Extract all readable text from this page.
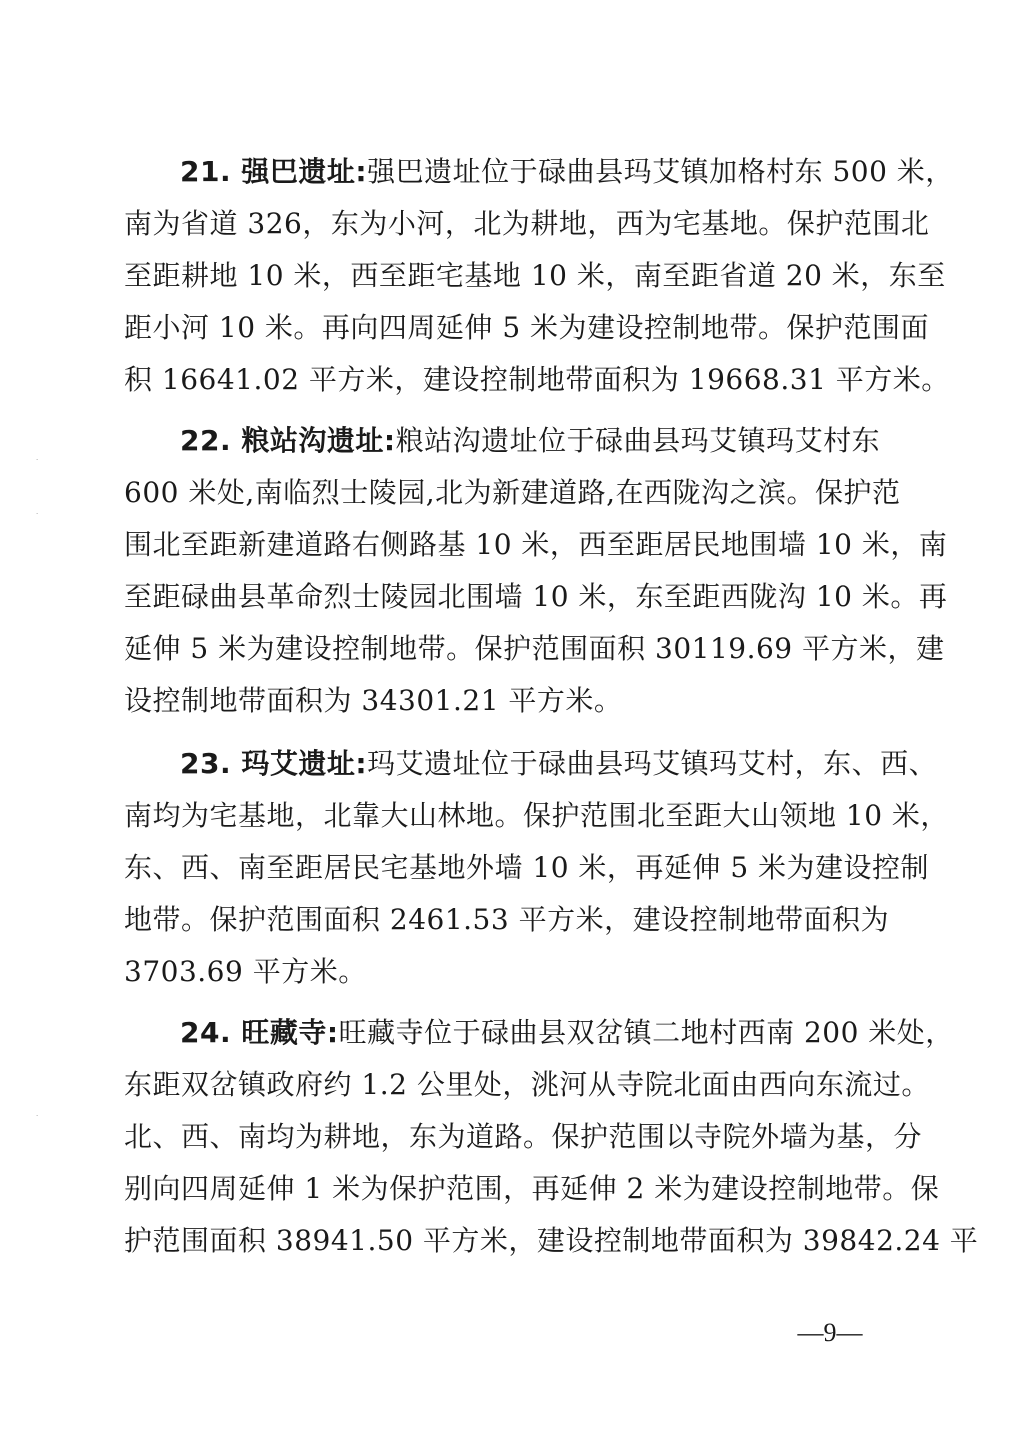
21. 强巴遗址:强巴遗址位于碌曲县玛艾镇加格村东 500 米，
南为省道 326，东为小河，北为耕地，西为宅基地。保护范围北
至距耕地 10 米，西至距宅基地 10 米，南至距省道 20 米，东至
距小河 10 米。再向四周延伸 5 米为建设控制地带。保护范围面
积 16641.02 平方米，建设控制地带面积为 19668.31 平方米。
22. 粮站沟遗址:粮站沟遗址位于碌曲县玛艾镇玛艾村东
600 米处,南临烈士陵园,北为新建道路,在西陇沟之滨。保护范
围北至距新建道路右侧路基 10 米，西至距居民地围墙 10 米，南
至距碌曲县革命烈士陵园北围墙 10 米，东至距西陇沟 10 米。再
延伸 5 米为建设控制地带。保护范围面积 30119.69 平方米，建
设控制地带面积为 34301.21 平方米。
23. 玛艾遗址:玛艾遗址位于碌曲县玛艾镇玛艾村，东、西、
南均为宅基地，北靠大山林地。保护范围北至距大山领地 10 米，
东、西、南至距居民宅基地外墙 10 米，再延伸 5 米为建设控制
地带。保护范围面积 2461.53 平方米，建设控制地带面积为
3703.69 平方米。
24. 旺藏寺:旺藏寺位于碌曲县双岔镇二地村西南 200 米处，
东距双岔镇政府约 1.2 公里处，洮河从寺院北面由西向东流过。
北、西、南均为耕地，东为道路。保护范围以寺院外墙为基，分
别向四周延伸 1 米为保护范围，再延伸 2 米为建设控制地带。保
护范围面积 38941.50 平方米，建设控制地带面积为 39842.24 平
—9—
·
·
·
